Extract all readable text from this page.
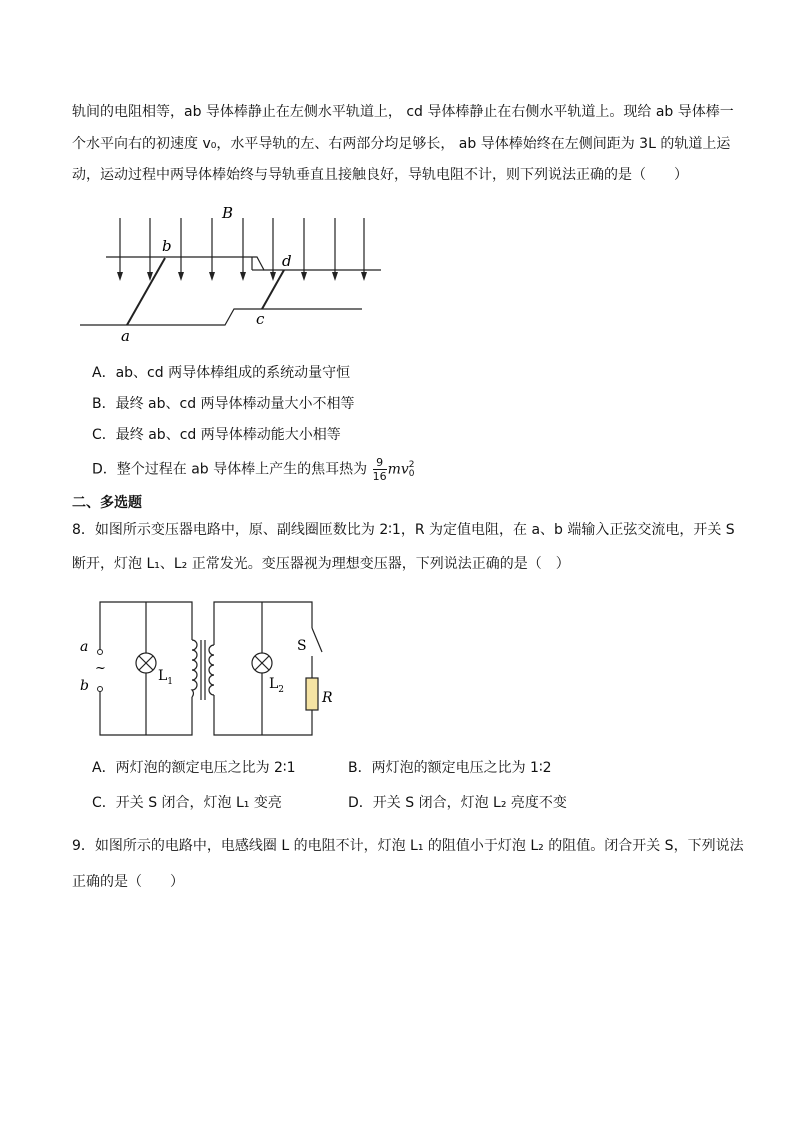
轨间的电阻相等，ab 导体棒静止在左侧水平轨道上， cd 导体棒静止在右侧水平轨道上。现给 ab 导体棒一
个水平向右的初速度 v₀，水平导轨的左、右两部分均足够长， ab 导体棒始终在左侧间距为 3L 的轨道上运
动，运动过程中两导体棒始终与导轨垂直且接触良好，导轨电阻不计，则下列说法正确的是（　　）
B
b
d
a
c
A．ab、cd 两导体棒组成的系统动量守恒
B．最终 ab、cd 两导体棒动量大小不相等
C．最终 ab、cd 两导体棒动能大小相等
D．整个过程在 ab 导体棒上产生的焦耳热为 $\frac{9}{16}$ mv 2
0
二、多选题
8．如图所示变压器电路中，原、副线圈匝数比为 2∶1，R 为定值电阻，在 a、b 端输入正弦交流电，开关 S
断开，灯泡 L₁、L₂ 正常发光。变压器视为理想变压器，下列说法正确的是（　）
a
~
b
$L_1$	$L_2$
S
R
A．两灯泡的额定电压之比为 2∶1	B．两灯泡的额定电压之比为 1∶2
C．开关 S 闭合，灯泡 L₁ 变亮	D．开关 S 闭合，灯泡 L₂ 亮度不变
9．如图所示的电路中，电感线圈 L 的电阻不计，灯泡 L₁ 的阻值小于灯泡 L₂ 的阻值。闭合开关 S，下列说法
正确的是（　　）
